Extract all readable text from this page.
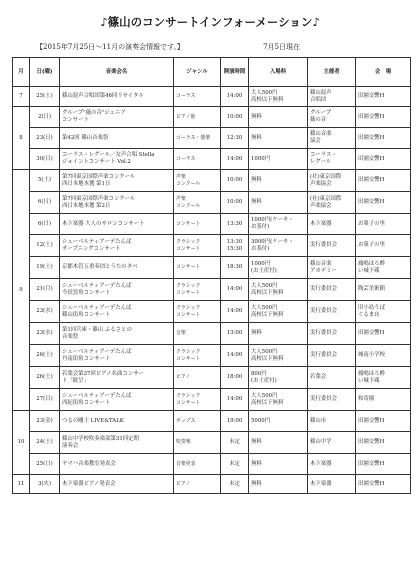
♪篠山のコンサートインフォーメーション♪
【2015年7月25日～11月の演奏会情報です。】	7月5日現在
月	日(曜)	音楽会名	ジャンル	開演時間	入場料	主催者	会　場
7	25(土)	篠山混声合唱団第46回リサイタル	コーラス	14:00	大人500円
高校以下無料	篠山混声
合唱団	田園交響H
8	2(日)	グループ"薇の音"ジュニア
コンサート	ピアノ他	10:00	無料	グループ
薇の音	田園交響H
	23(日)	第42回 篠山音楽祭	コーラス・器楽	12:30	無料	篠山音楽
協会	田園交響H
	30(日)	コーラス・レグール／女声合唱 Stella
ジョイントコンサート Vol.2	コーラス	14:00	1000円	コーラス・
レグール	田園交響H
9	5(土)	第7回東京国際声楽コンクール
西日本地本選 第1日	声楽
コンクール	10:00	無料	(社)東京国際
声楽協会	田園交響H
	6(日)	第7回東京国際声楽コンクール
西日本地本選 第2日	声楽
コンクール	10:00	無料	(社)東京国際
声楽協会	田園交響H
	6(日)	木下楽器 大人のサロンコンサート	コンサート	13:30	1000円(ケーキ・
お茶付)	木下楽器	お菓子の里
	12(土)	シューベルティアーデたんば
オープニングコンサート	クラシック
コンサート	13:30
15:30	3000円(ケーキ・
お茶付)	実行委員会	お菓子の里
	19(土)	京都木管五重奏団とうたのタベ	コンサート	18:30	1000円
(お土産付)	篠山音楽
アカデミー	鳳鳴ほろ酔
い城下蔵
	21(月)	シューベルティアーデたんば
今田窯角コンサート	クラシック
コンサート	14:00	大人500円
高校以下無料	実行委員会	陶芸美術館
	23(水)	シューベルティアーデたんば
篠山街角コンサート	クラシック
コンサート	14:00	大人500円
高校以下無料	実行委員会	旧小島うば
ぐるま店
	23(水)	第1回兵庫・篠山 ふるさとの
音楽祭	音楽	13:00	無料	実行委員会	田園交響H
	26(土)	シューベルティアーデたんば
丹南街角コンサート	クラシック
コンサート	14:00	大人500円
高校以下無料	実行委員会	城南小学校
	26(土)	若葉会第27回ピアノ名曲コンサー
ト「歓呈」	ピアノ	18:00	800円
(お土産付)	若葉会	鳳鳴ほろ酔
い城下蔵
	27(日)	シューベルティアーデたんば
西紀街角コンサート	クラシック
コンサート	14:00	大人500円
高校以下無料	実行委員会	和寄園
10	23(金)	つるの剛士 LIVE&TALK	ポップス	19:00	5000円	篠山市	田園交響H
	24(土)	篠山中学校吹奏楽部第31回定期
演奏会	吹奏楽	未定	無料	篠山中学	田園交響H
	25(日)	ヤマハ音楽教室発表会	音楽発表	未定	無料	木下楽器	田園交響H
11	3(火)	木下楽器ピアノ発表会	ピアノ	未定	無料	木下楽器	田園交響H
